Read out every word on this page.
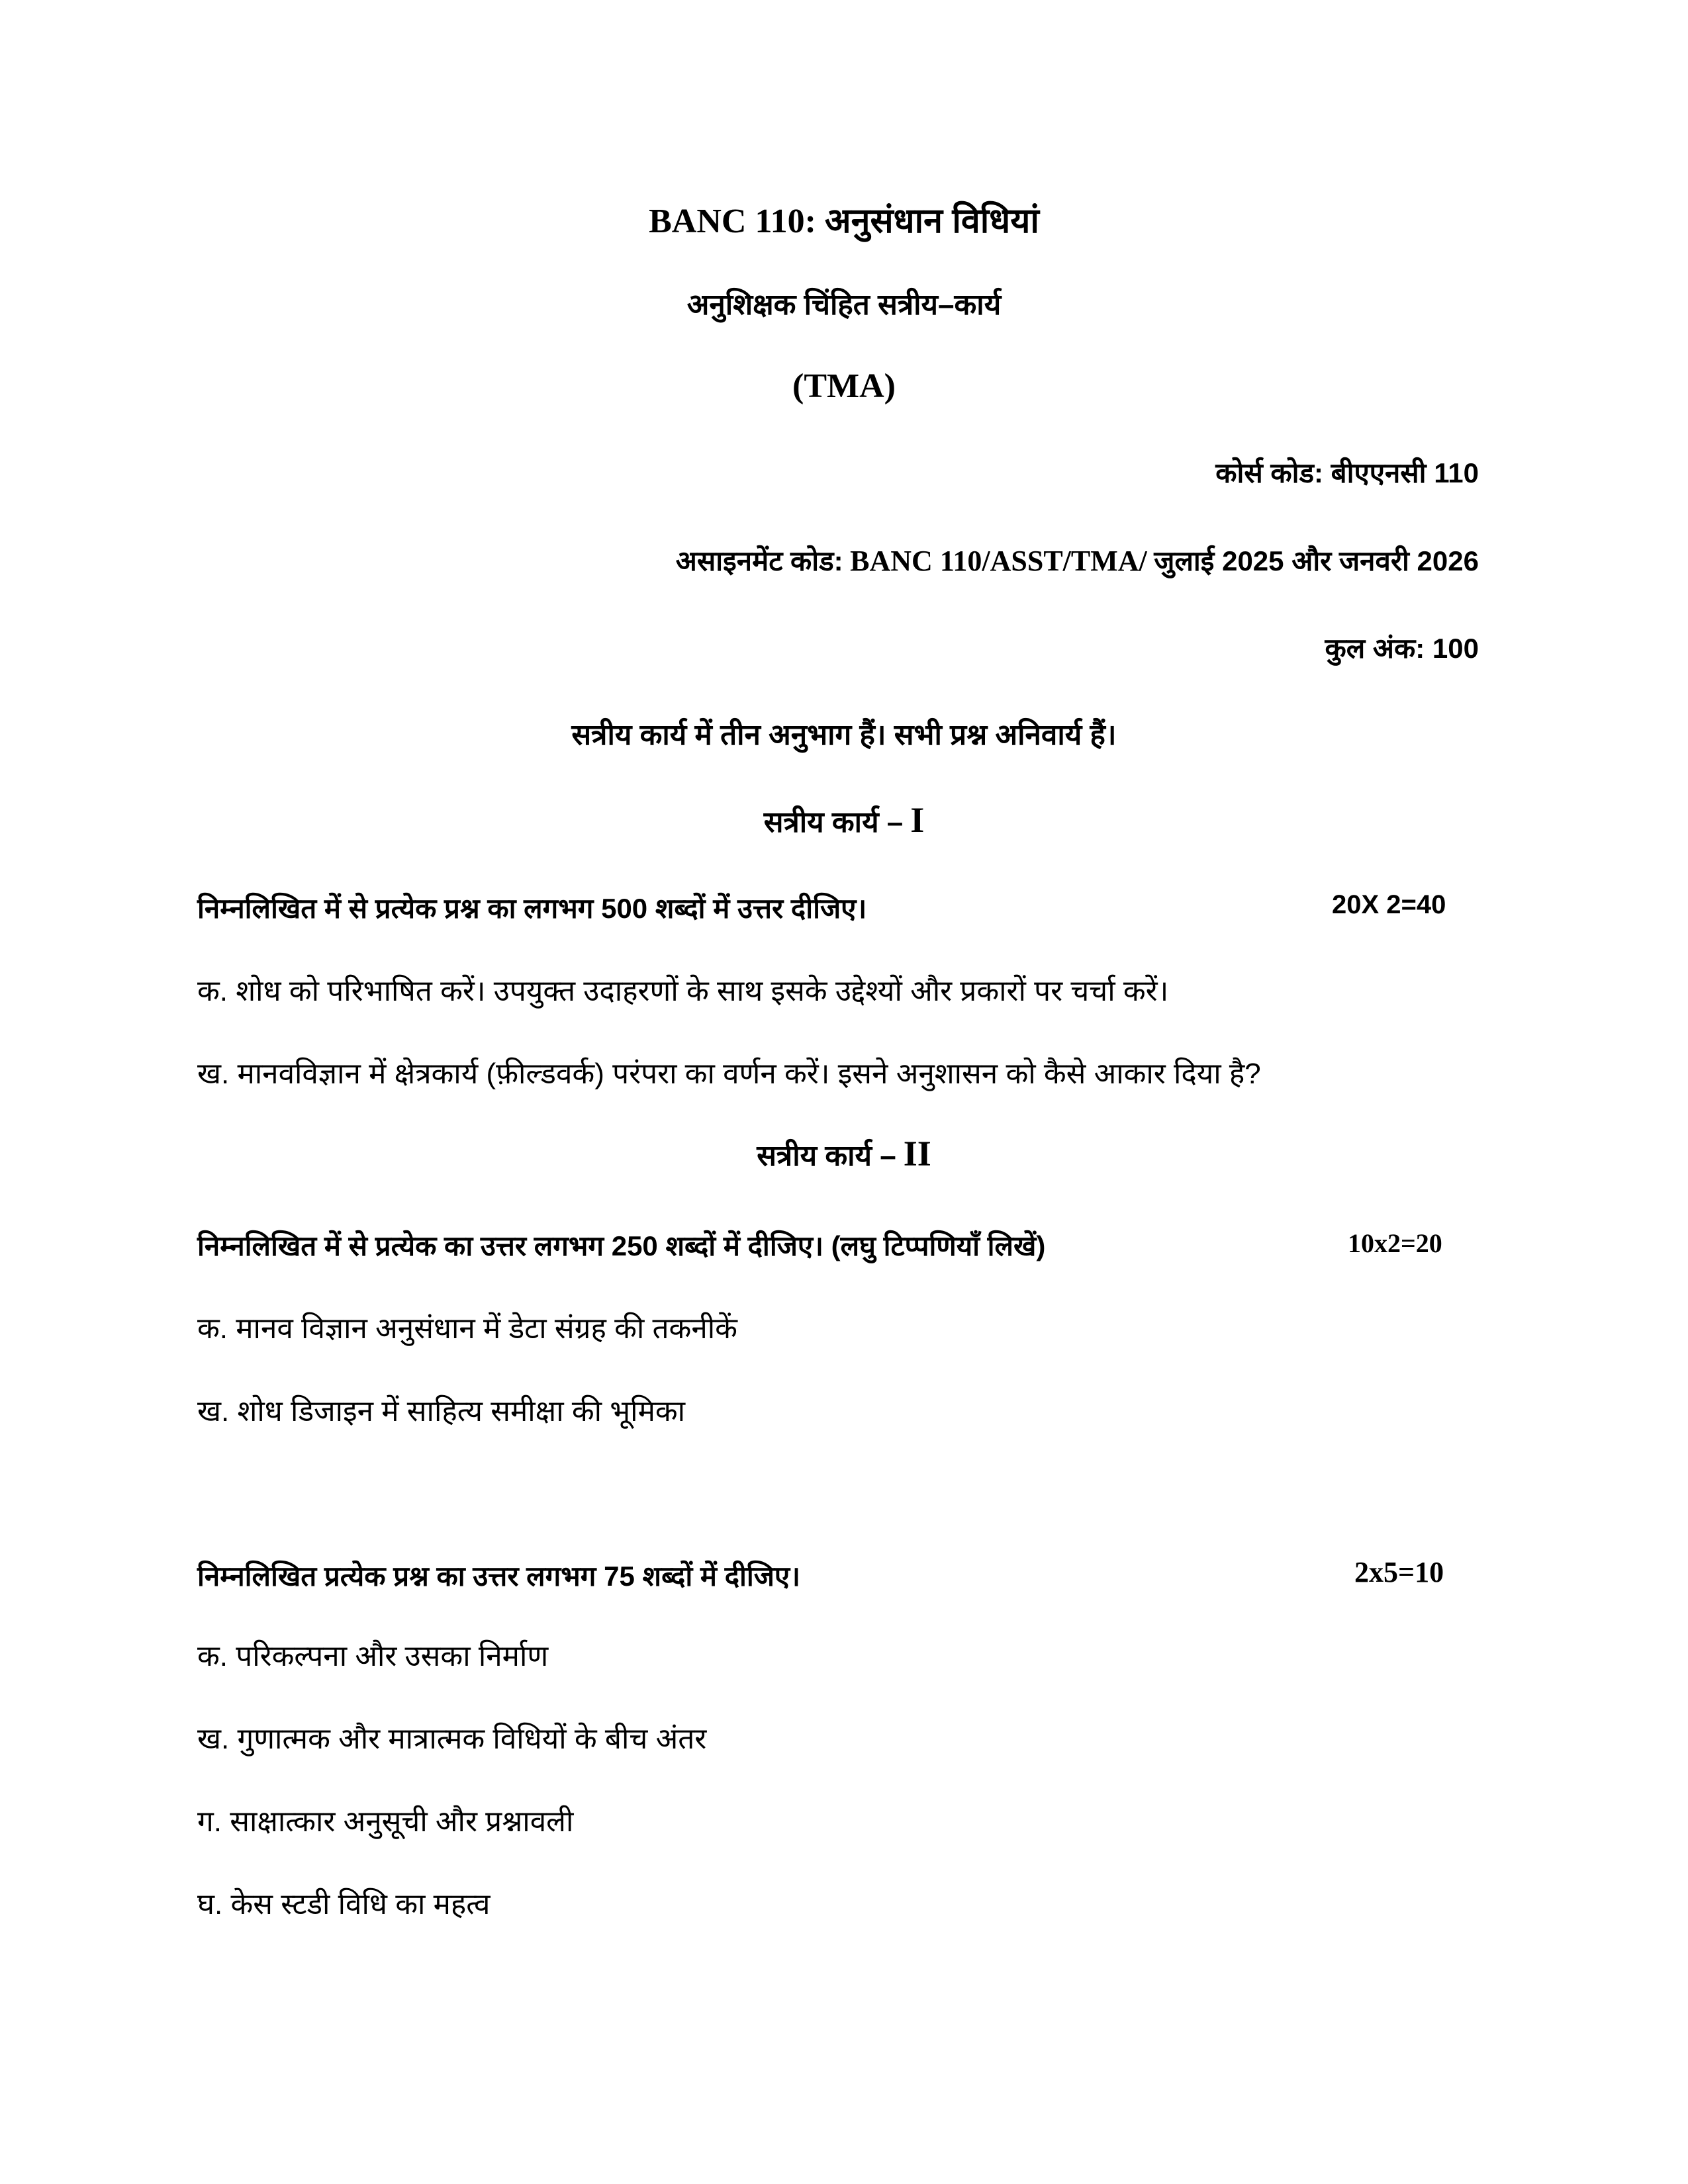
BANC 110: अनुसंधान विधियां
अनुशिक्षक चिंहित सत्रीय–कार्य
(TMA)
कोर्स कोड: बीएएनसी 110
असाइनमेंट कोड: BANC 110/ASST/TMA/ जुलाई 2025 और जनवरी 2026
कुल अंक: 100
सत्रीय कार्य में तीन अनुभाग हैं। सभी प्रश्न अनिवार्य हैं।
सत्रीय कार्य – I
निम्नलिखित में से प्रत्येक प्रश्न का लगभग 500 शब्दों में उत्तर दीजिए।	20X 2=40
क. शोध को परिभाषित करें। उपयुक्त उदाहरणों के साथ इसके उद्देश्यों और प्रकारों पर चर्चा करें।
ख. मानवविज्ञान में क्षेत्रकार्य (फ़ील्डवर्क) परंपरा का वर्णन करें। इसने अनुशासन को कैसे आकार दिया है?
सत्रीय कार्य – II
निम्नलिखित में से प्रत्येक का उत्तर लगभग 250 शब्दों में दीजिए। (लघु टिप्पणियाँ लिखें)	10x2=20
क. मानव विज्ञान अनुसंधान में डेटा संग्रह की तकनीकें
ख. शोध डिजाइन में साहित्य समीक्षा की भूमिका
निम्नलिखित प्रत्येक प्रश्न का उत्तर लगभग 75 शब्दों में दीजिए।	2x5=10
क. परिकल्पना और उसका निर्माण
ख. गुणात्मक और मात्रात्मक विधियों के बीच अंतर
ग. साक्षात्कार अनुसूची और प्रश्नावली
घ. केस स्टडी विधि का महत्व
